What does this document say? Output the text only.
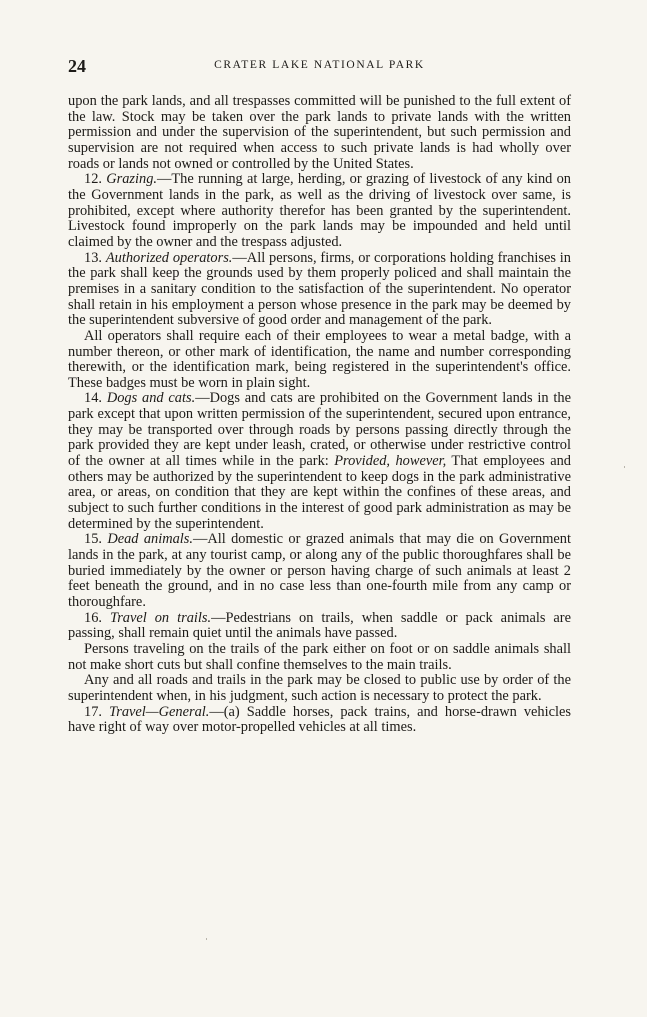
24	CRATER LAKE NATIONAL PARK

upon the park lands, and all trespasses committed will be punished to the full extent of the law. Stock may be taken over the park lands to private lands with the written permission and under the supervision of the superintendent, but such permission and supervision are not required when access to such private lands is had wholly over roads or lands not owned or controlled by the United States.

12. Grazing.—The running at large, herding, or grazing of livestock of any kind on the Government lands in the park, as well as the driving of livestock over same, is prohibited, except where authority therefor has been granted by the superintendent. Livestock found improperly on the park lands may be impounded and held until claimed by the owner and the trespass adjusted.

13. Authorized operators.—All persons, firms, or corporations holding franchises in the park shall keep the grounds used by them properly policed and shall maintain the premises in a sanitary condition to the satisfaction of the superintendent. No operator shall retain in his employment a person whose presence in the park may be deemed by the superintendent subversive of good order and management of the park.

All operators shall require each of their employees to wear a metal badge, with a number thereon, or other mark of identification, the name and number corresponding therewith, or the identification mark, being registered in the superintendent's office. These badges must be worn in plain sight.

14. Dogs and cats.—Dogs and cats are prohibited on the Government lands in the park except that upon written permission of the superintendent, secured upon entrance, they may be transported over through roads by persons passing directly through the park provided they are kept under leash, crated, or otherwise under restrictive control of the owner at all times while in the park: Provided, however, That employees and others may be authorized by the superintendent to keep dogs in the park administrative area, or areas, on condition that they are kept within the confines of these areas, and subject to such further conditions in the interest of good park administration as may be determined by the superintendent.

15. Dead animals.—All domestic or grazed animals that may die on Government lands in the park, at any tourist camp, or along any of the public thoroughfares shall be buried immediately by the owner or person having charge of such animals at least 2 feet beneath the ground, and in no case less than one-fourth mile from any camp or thoroughfare.

16. Travel on trails.—Pedestrians on trails, when saddle or pack animals are passing, shall remain quiet until the animals have passed.

Persons traveling on the trails of the park either on foot or on saddle animals shall not make short cuts but shall confine themselves to the main trails.

Any and all roads and trails in the park may be closed to public use by order of the superintendent when, in his judgment, such action is necessary to protect the park.

17. Travel—General.—(a) Saddle horses, pack trains, and horse-drawn vehicles have right of way over motor-propelled vehicles at all times.
